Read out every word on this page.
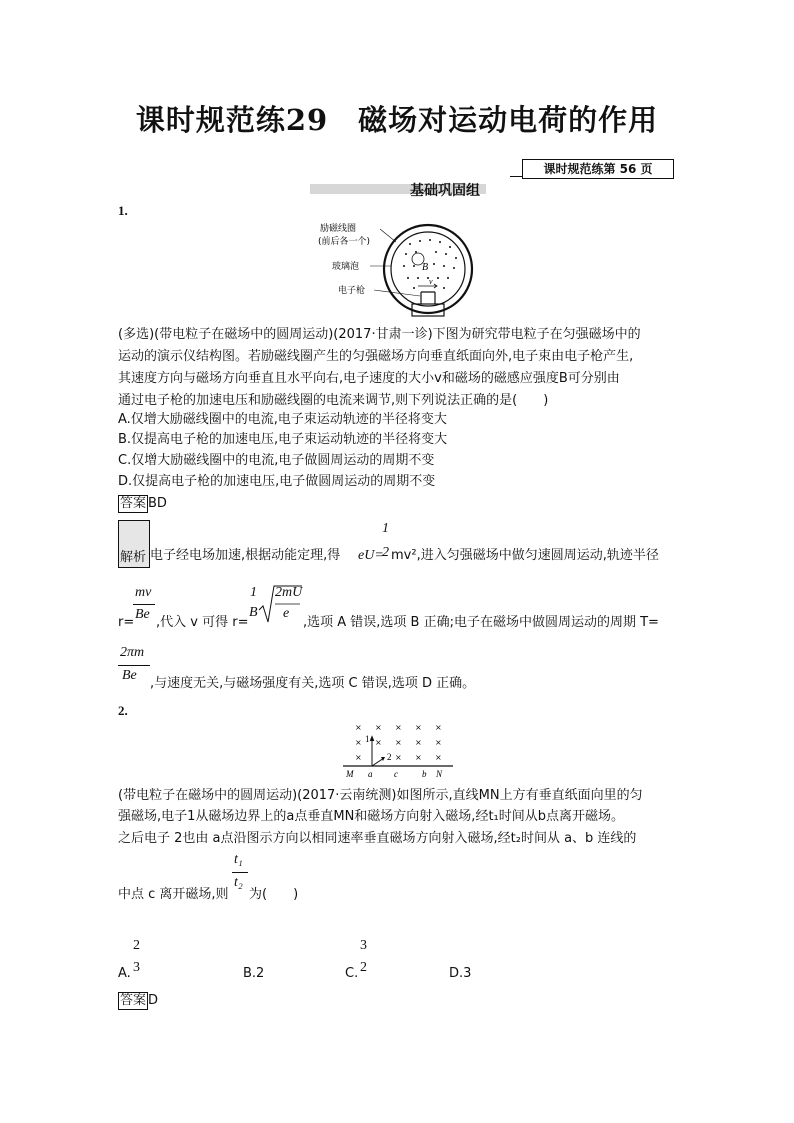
课时规范练29　磁场对运动电荷的作用
课时规范练第 56 页
基础巩固组
1.
B
v
励磁线圈
(前后各一个)
玻璃泡
电子枪
(多选)(带电粒子在磁场中的圆周运动)(2017·甘肃一诊)下图为研究带电粒子在匀强磁场中的
运动的演示仪结构图。若励磁线圈产生的匀强磁场方向垂直纸面向外,电子束由电子枪产生,
其速度方向与磁场方向垂直且水平向右,电子速度的大小v和磁场的磁感应强度B可分别由
通过电子枪的加速电压和励磁线圈的电流来调节,则下列说法正确的是(　　)
A.仅增大励磁线圈中的电流,电子束运动轨迹的半径将变大
B.仅提高电子枪的加速电压,电子束运动轨迹的半径将变大
C.仅增大励磁线圈中的电流,电子做圆周运动的周期不变
D.仅提高电子枪的加速电压,电子做圆周运动的周期不变
答案 BD
解析 电子经电场加速,根据动能定理,得 eU=
1
2 mv²,进入匀强磁场中做匀速圆周运动,轨迹半径
mv
Be
r= ,代入 v 可得 r=
1
B
2mU
e
,选项 A 错误,选项 B 正确;电子在磁场中做圆周运动的周期 T=
2πm
Be
,与速度无关,与磁场强度有关,选项 C 错误,选项 D 正确。
2.
× × × × ×
× × × × ×
×	× × ×
1
2
M a c	b N
(带电粒子在磁场中的圆周运动)(2017·云南统测)如图所示,直线MN上方有垂直纸面向里的匀
强磁场,电子1从磁场边界上的a点垂直MN和磁场方向射入磁场,经t₁时间从b点离开磁场。
之后电子 2也由 a点沿图示方向以相同速率垂直磁场方向射入磁场,经t₂时间从 a、b 连线的
t₁
中点 c 离开磁场,则
t₂
为(　　)
A.
2
3	B.2	C.
3
2	D.3
答案 D
